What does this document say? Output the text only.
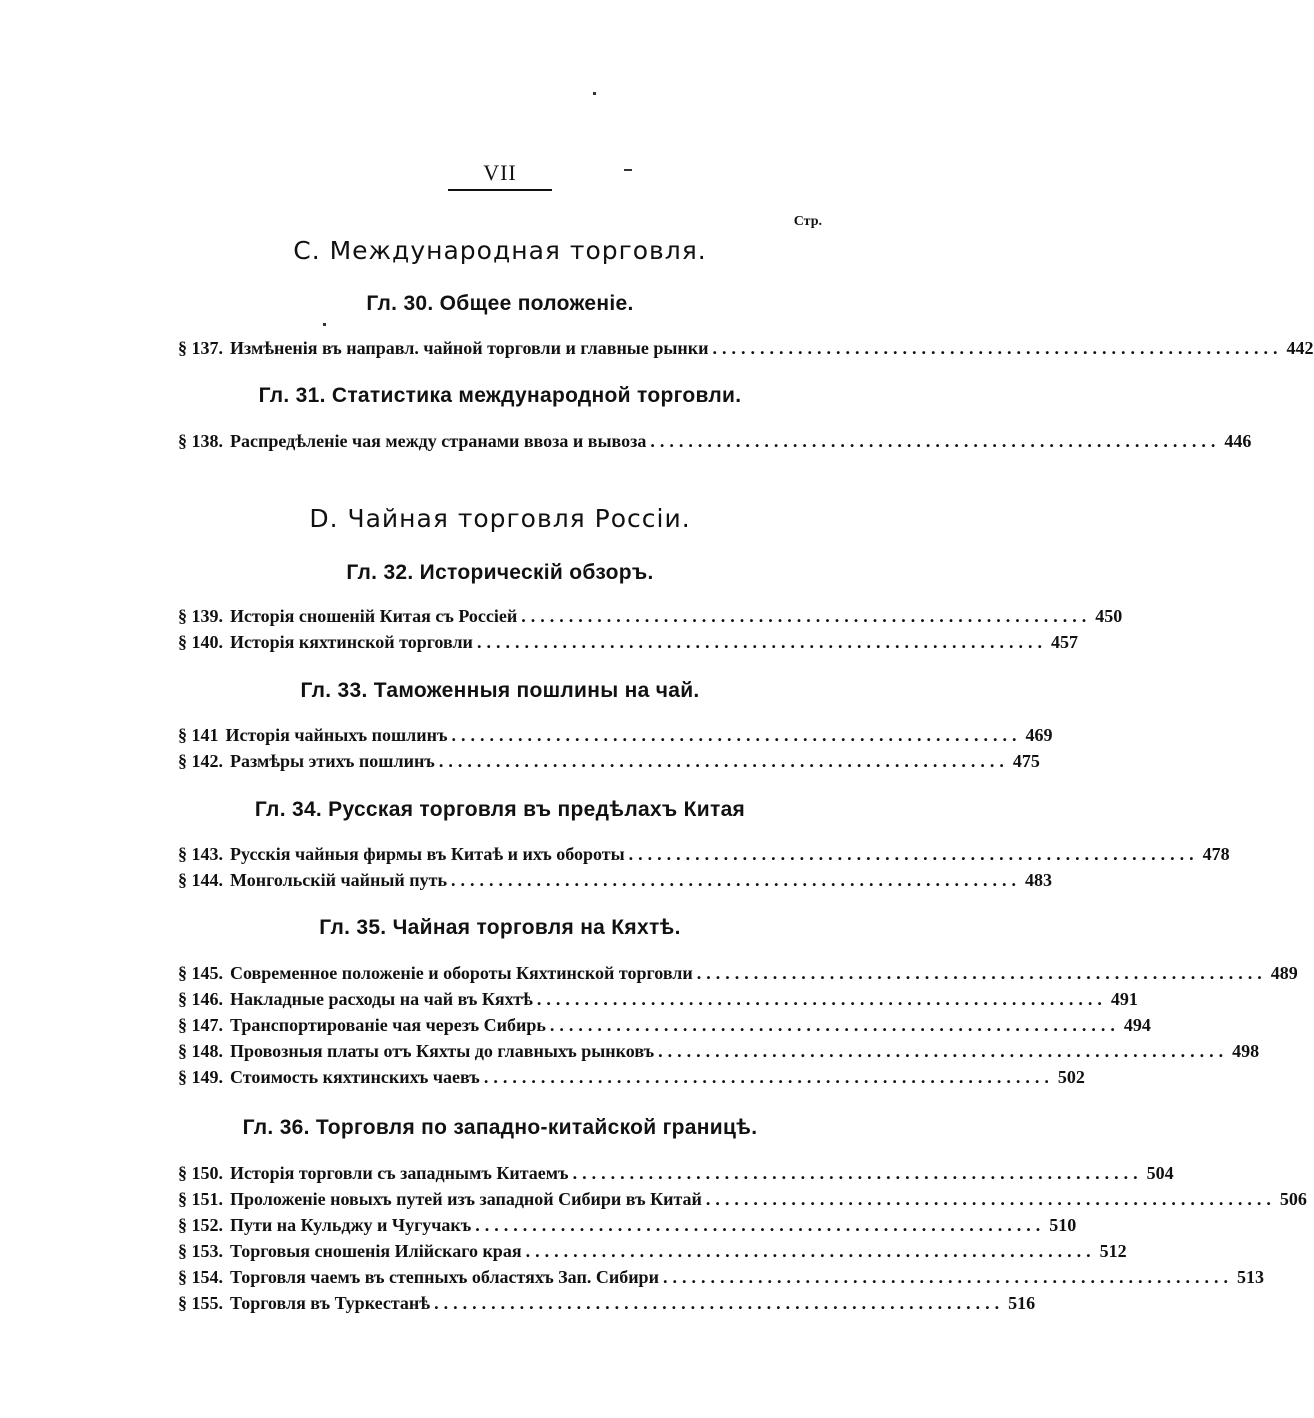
VII
Стр.
C. Международная торговля.
Гл. 30. Общее положеніе.
§ 137. Измѣненія въ направл. чайной торговли и главные рынки ............................................................ 442
Гл. 31. Статистика международной торговли.
§ 138. Распредѣленіе чая между странами ввоза и вывоза ............................................................ 446
D. Чайная торговля Россіи.
Гл. 32. Историческій обзоръ.
§ 139. Исторія сношеній Китая съ Россіей ............................................................ 450
§ 140. Исторія кяхтинской торговли ............................................................ 457
Гл. 33. Таможенныя пошлины на чай.
§ 141 Исторія чайныхъ пошлинъ ............................................................ 469
§ 142. Размѣры этихъ пошлинъ ............................................................ 475
Гл. 34. Русская торговля въ предѣлахъ Китая
§ 143. Русскія чайныя фирмы въ Китаѣ и ихъ обороты ............................................................ 478
§ 144. Монгольскій чайный путь ............................................................ 483
Гл. 35. Чайная торговля на Кяхтѣ.
§ 145. Современное положеніе и обороты Кяхтинской торговли ............................................................ 489
§ 146. Накладные расходы на чай въ Кяхтѣ ............................................................ 491
§ 147. Транспортированіе чая черезъ Сибирь ............................................................ 494
§ 148. Провозныя платы отъ Кяхты до главныхъ рынковъ ............................................................ 498
§ 149. Стоимость кяхтинскихъ чаевъ ............................................................ 502
Гл. 36. Торговля по западно-китайской границѣ.
§ 150. Исторія торговли съ западнымъ Китаемъ ............................................................ 504
§ 151. Проложеніе новыхъ путей изъ западной Сибири въ Китай ............................................................ 506
§ 152. Пути на Кульджу и Чугучакъ ............................................................ 510
§ 153. Торговыя сношенія Илійскаго края ............................................................ 512
§ 154. Торговля чаемъ въ степныхъ областяхъ Зап. Сибири ............................................................ 513
§ 155. Торговля въ Туркестанѣ ............................................................ 516
